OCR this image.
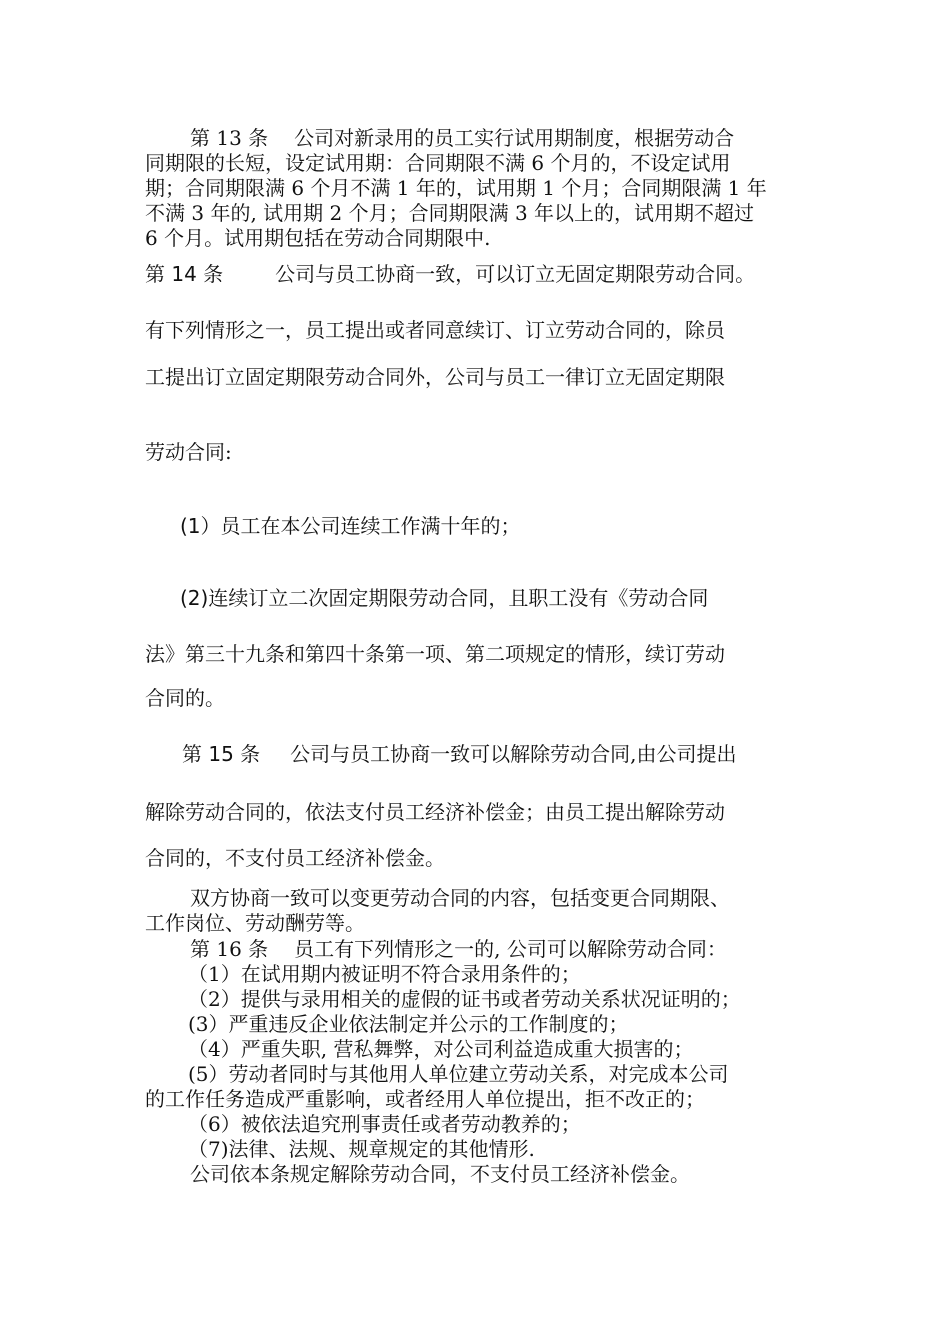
第 13 条 公司对新录用的员工实行试用期制度，根据劳动合
同期限的长短，设定试用期：合同期限不满 6 个月的，不设定试用
期；合同期限满 6 个月不满 1 年的，试用期 1 个月；合同期限满 1 年
不满 3 年的, 试用期 2 个月；合同期限满 3 年以上的，试用期不超过
6 个月。试用期包括在劳动合同期限中.
第 14 条	公司与员工协商一致，可以订立无固定期限劳动合同。
有下列情形之一，员工提出或者同意续订、订立劳动合同的，除员
工提出订立固定期限劳动合同外，公司与员工一律订立无固定期限
劳动合同:
(1）员工在本公司连续工作满十年的；
(2)连续订立二次固定期限劳动合同，且职工没有《劳动合同
法》第三十九条和第四十条第一项、第二项规定的情形，续订劳动
合同的。
第 15 条 公司与员工协商一致可以解除劳动合同,由公司提出
解除劳动合同的，依法支付员工经济补偿金；由员工提出解除劳动
合同的，不支付员工经济补偿金。
双方协商一致可以变更劳动合同的内容，包括变更合同期限、
工作岗位、劳动酬劳等。
第 16 条 员工有下列情形之一的, 公司可以解除劳动合同：
（1）在试用期内被证明不符合录用条件的；
（2）提供与录用相关的虚假的证书或者劳动关系状况证明的；
(3）严重违反企业依法制定并公示的工作制度的；
（4）严重失职, 营私舞弊，对公司利益造成重大损害的；
(5）劳动者同时与其他用人单位建立劳动关系，对完成本公司
的工作任务造成严重影响，或者经用人单位提出，拒不改正的；
（6）被依法追究刑事责任或者劳动教养的；
（7)法律、法规、规章规定的其他情形.
公司依本条规定解除劳动合同，不支付员工经济补偿金。
